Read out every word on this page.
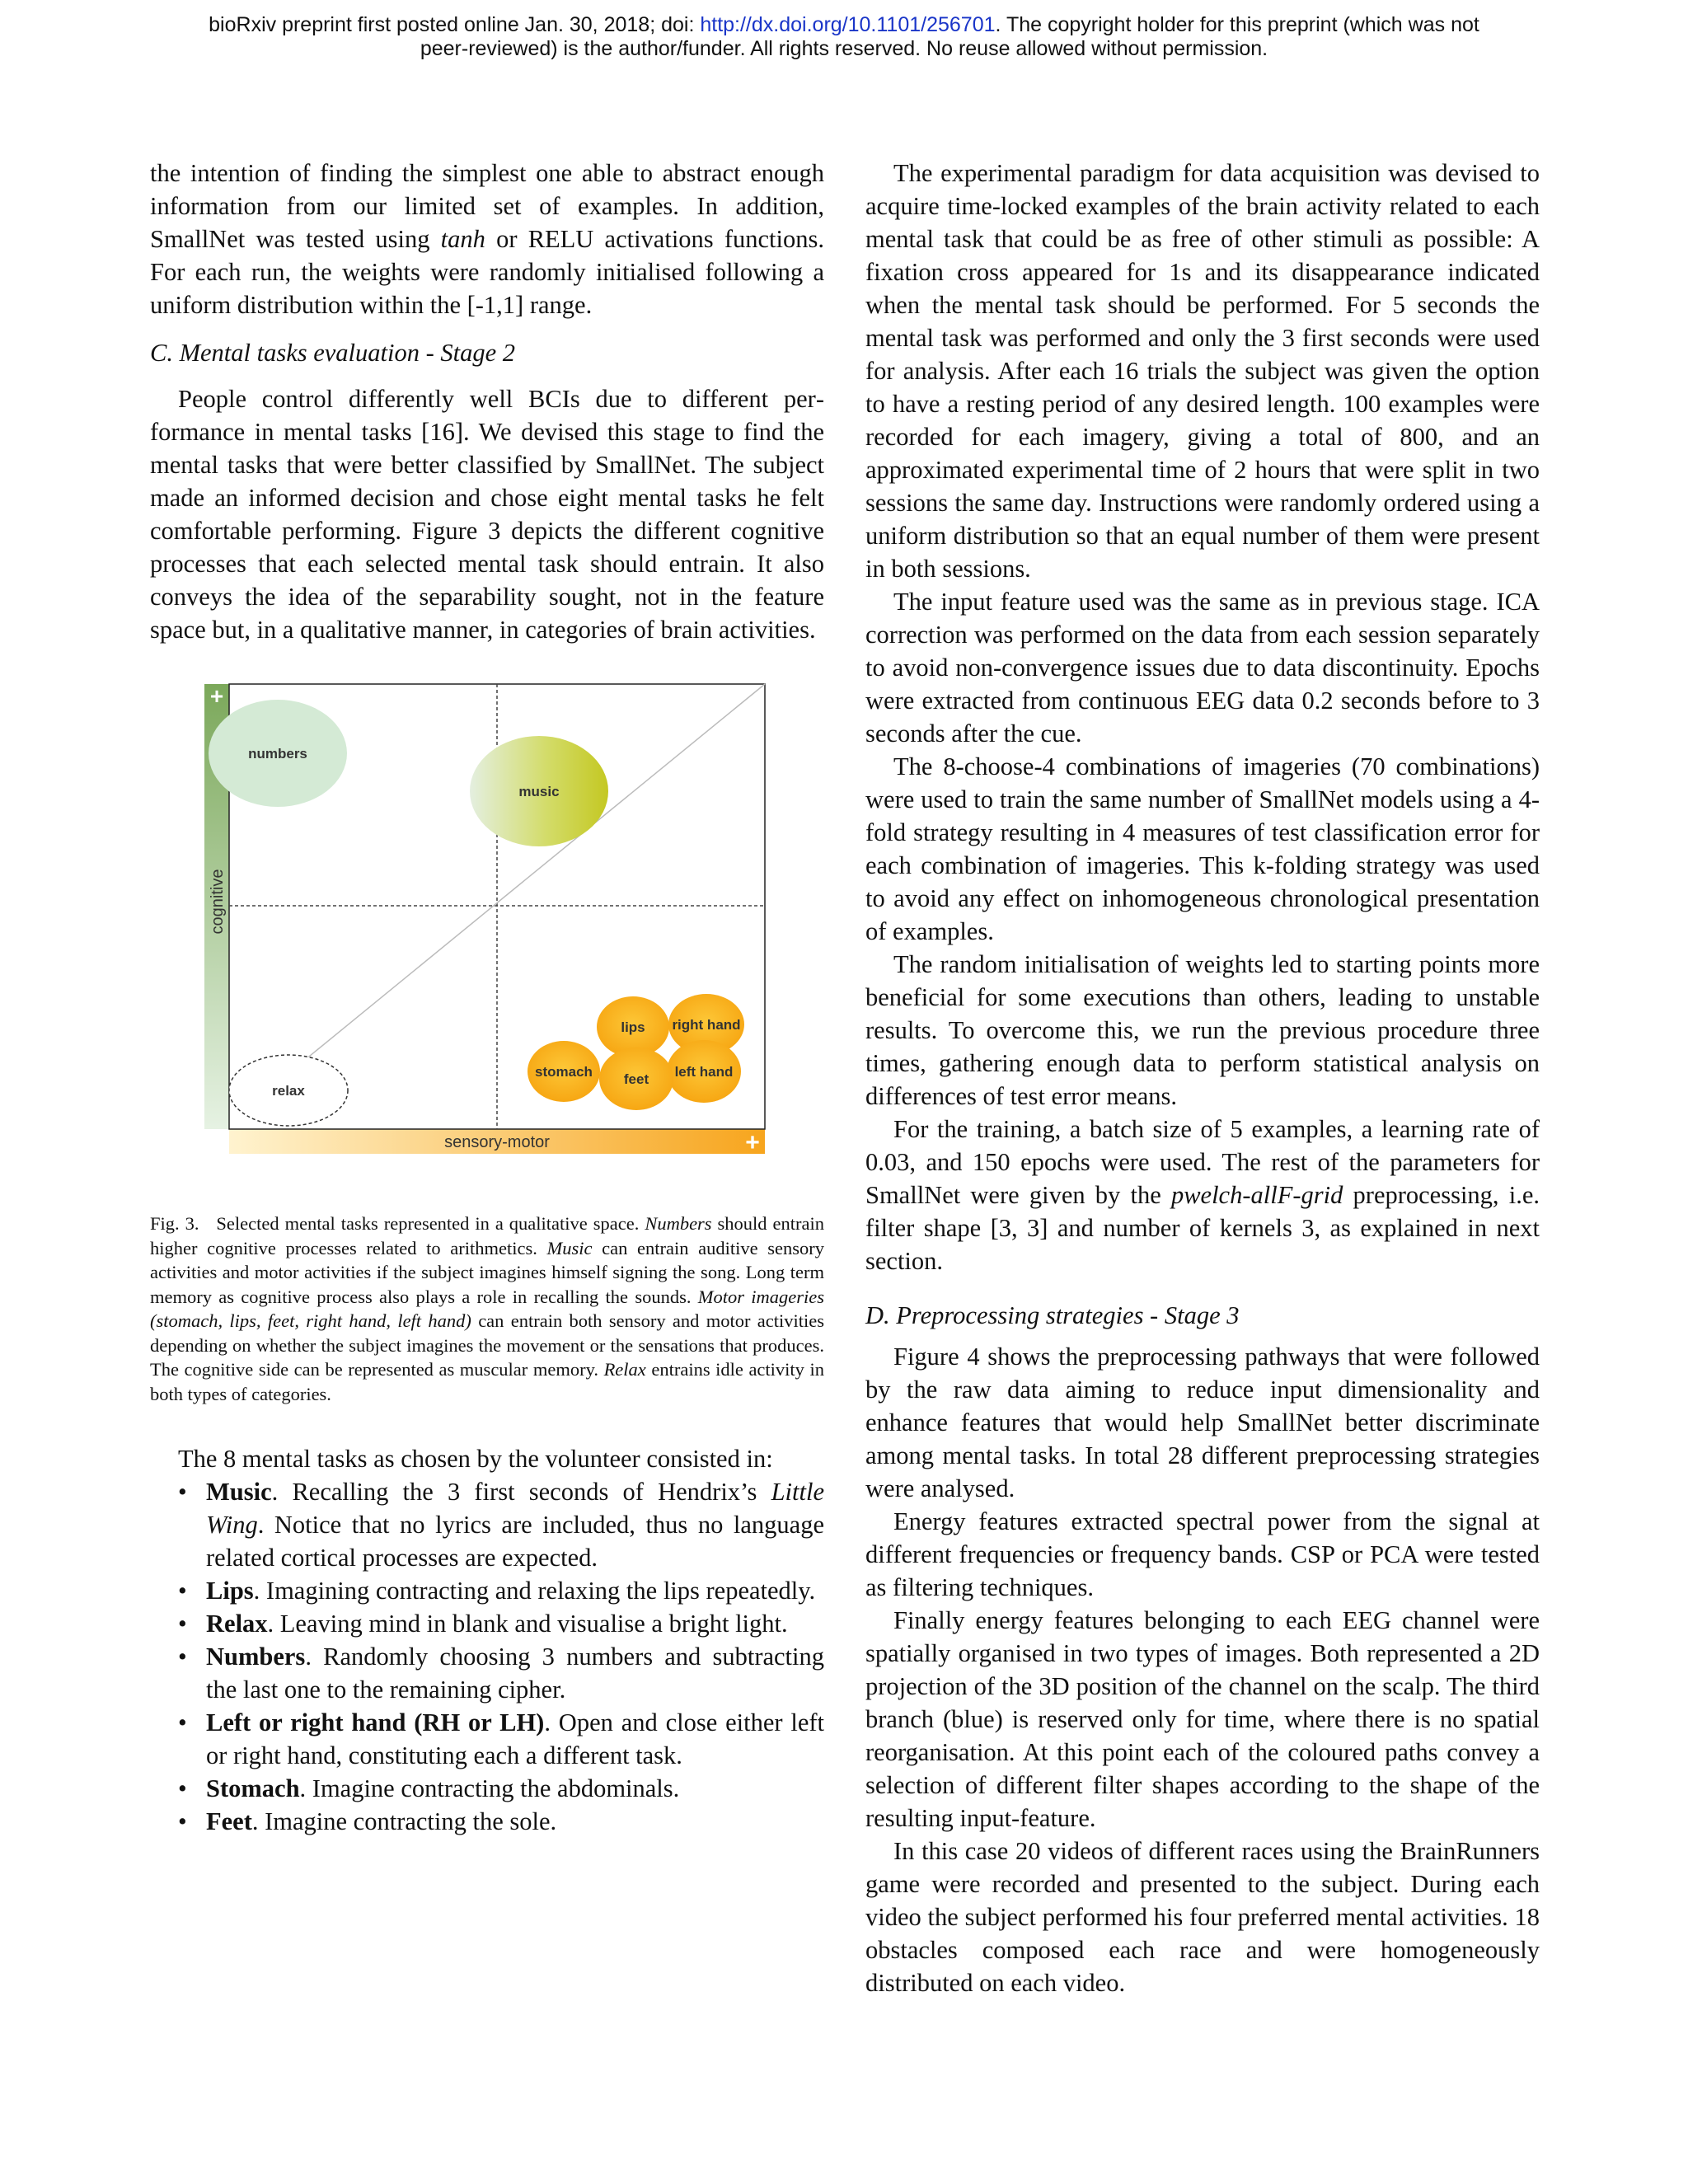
bioRxiv preprint first posted online Jan. 30, 2018; doi: http://dx.doi.org/10.1101/256701. The copyright holder for this preprint (which was not
peer-reviewed) is the author/funder. All rights reserved. No reuse allowed without permission.

the intention of finding the simplest one able to abstract enough information from our limited set of examples. In addition, SmallNet was tested using tanh or RELU activations functions. For each run, the weights were randomly initialised following a uniform distribution within the [-1,1] range.

C. Mental tasks evaluation - Stage 2

People control differently well BCIs due to different performance in mental tasks [16]. We devised this stage to find the mental tasks that were better classified by SmallNet. The subject made an informed decision and chose eight mental tasks he felt comfortable performing. Figure 3 depicts the different cognitive processes that each selected mental task should entrain. It also conveys the idea of the separability sought, not in the feature space but, in a qualitative manner, in categories of brain activities.

+
cognitive
sensory-motor	+
numbers
music
lips right hand
stomach	left hand
feet
relax

Fig. 3. Selected mental tasks represented in a qualitative space. Numbers should entrain higher cognitive processes related to arithmetics. Music can entrain auditive sensory activities and motor activities if the subject imagines himself signing the song. Long term memory as cognitive process also plays a role in recalling the sounds. Motor imageries (stomach, lips, feet, right hand, left hand) can entrain both sensory and motor activities depending on whether the subject imagines the movement or the sensations that produces. The cognitive side can be represented as muscular memory. Relax entrains idle activity in both types of categories.

The 8 mental tasks as chosen by the volunteer consisted in:

• Music. Recalling the 3 first seconds of Hendrix’s Little Wing. Notice that no lyrics are included, thus no language related cortical processes are expected.
• Lips. Imagining contracting and relaxing the lips repeatedly.
• Relax. Leaving mind in blank and visualise a bright light.
• Numbers. Randomly choosing 3 numbers and subtracting the last one to the remaining cipher.
• Left or right hand (RH or LH). Open and close either left or right hand, constituting each a different task.
• Stomach. Imagine contracting the abdominals.
• Feet. Imagine contracting the sole.

The experimental paradigm for data acquisition was devised to acquire time-locked examples of the brain activity related to each mental task that could be as free of other stimuli as possible: A fixation cross appeared for 1s and its disappearance indicated when the mental task should be performed. For 5 seconds the mental task was performed and only the 3 first seconds were used for analysis. After each 16 trials the subject was given the option to have a resting period of any desired length. 100 examples were recorded for each imagery, giving a total of 800, and an approximated experimental time of 2 hours that were split in two sessions the same day. Instructions were randomly ordered using a uniform distribution so that an equal number of them were present in both sessions.

The input feature used was the same as in previous stage. ICA correction was performed on the data from each session separately to avoid non-convergence issues due to data discontinuity. Epochs were extracted from continuous EEG data 0.2 seconds before to 3 seconds after the cue.

The 8-choose-4 combinations of imageries (70 combinations) were used to train the same number of SmallNet models using a 4-fold strategy resulting in 4 measures of test classification error for each combination of imageries. This k-folding strategy was used to avoid any effect on inhomogeneous chronological presentation of examples.

The random initialisation of weights led to starting points more beneficial for some executions than others, leading to unstable results. To overcome this, we run the previous procedure three times, gathering enough data to perform statistical analysis on differences of test error means.

For the training, a batch size of 5 examples, a learning rate of 0.03, and 150 epochs were used. The rest of the parameters for SmallNet were given by the pwelch-allF-grid preprocessing, i.e. filter shape [3, 3] and number of kernels 3, as explained in next section.

D. Preprocessing strategies - Stage 3

Figure 4 shows the preprocessing pathways that were followed by the raw data aiming to reduce input dimensionality and enhance features that would help SmallNet better discriminate among mental tasks. In total 28 different preprocessing strategies were analysed.

Energy features extracted spectral power from the signal at different frequencies or frequency bands. CSP or PCA were tested as filtering techniques.

Finally energy features belonging to each EEG channel were spatially organised in two types of images. Both represented a 2D projection of the 3D position of the channel on the scalp. The third branch (blue) is reserved only for time, where there is no spatial reorganisation. At this point each of the coloured paths convey a selection of different filter shapes according to the shape of the resulting input-feature.

In this case 20 videos of different races using the BrainRunners game were recorded and presented to the subject. During each video the subject performed his four preferred mental activities. 18 obstacles composed each race and were homogeneously distributed on each video.
